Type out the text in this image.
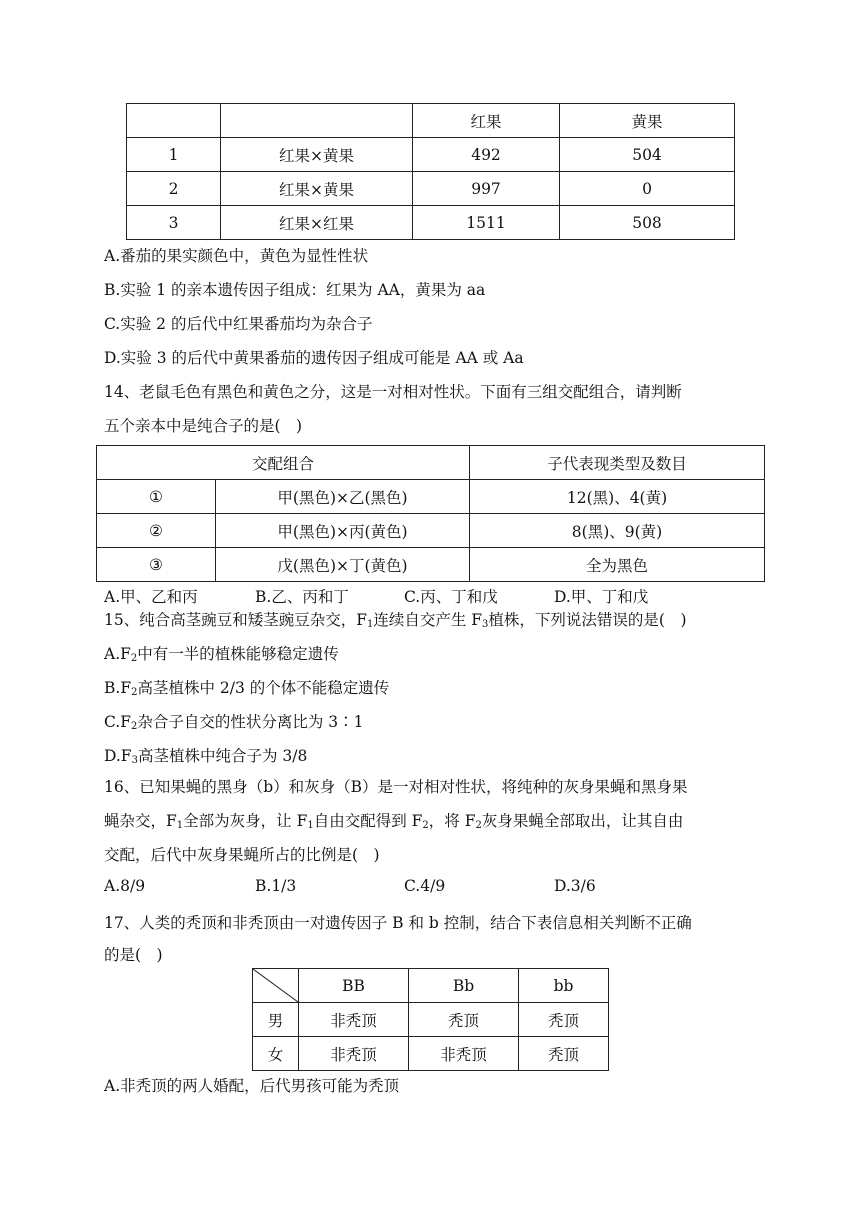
		红果	黄果
1	红果×黄果	492	504
2	红果×黄果	997	0
3	红果×红果	1511	508
A.番茄的果实颜色中，黄色为显性性状
B.实验 1 的亲本遗传因子组成：红果为 AA，黄果为 aa
C.实验 2 的后代中红果番茄均为杂合子
D.实验 3 的后代中黄果番茄的遗传因子组成可能是 AA 或 Aa
14、老鼠毛色有黑色和黄色之分，这是一对相对性状。下面有三组交配组合，请判断
五个亲本中是纯合子的是(　)
交配组合		子代表现类型及数目
①	甲(黑色)×乙(黑色)	12(黑)、4(黄)
②	甲(黑色)×丙(黄色)	8(黑)、9(黄)
③	戊(黑色)×丁(黄色)	全为黑色
A.甲、乙和丙	B.乙、丙和丁	C.丙、丁和戊	D.甲、丁和戊
15、纯合高茎豌豆和矮茎豌豆杂交，$F_1$连续自交产生 $F_3$植株，下列说法错误的是(　)
$A.F_2$中有一半的植株能够稳定遗传
$B.F_2$高茎植株中 2/3 的个体不能稳定遗传
$C.F_2$杂合子自交的性状分离比为 3∶1
$D.F_3$高茎植株中纯合子为 3/8
16、已知果蝇的黑身（b）和灰身（B）是一对相对性状，将纯种的灰身果蝇和黑身果
蝇杂交，$F_1$全部为灰身，让 $F_1$自由交配得到 $F_2$，将 $F_2$灰身果蝇全部取出，让其自由
交配，后代中灰身果蝇所占的比例是(　)
A.8/9	B.1/3	C.4/9	D.3/6
17、人类的秃顶和非秃顶由一对遗传因子 B 和 b 控制，结合下表信息相关判断不正确
的是(　)
	BB	Bb	bb
男	非秃顶	秃顶	秃顶
女	非秃顶	非秃顶	秃顶
A.非秃顶的两人婚配，后代男孩可能为秃顶
